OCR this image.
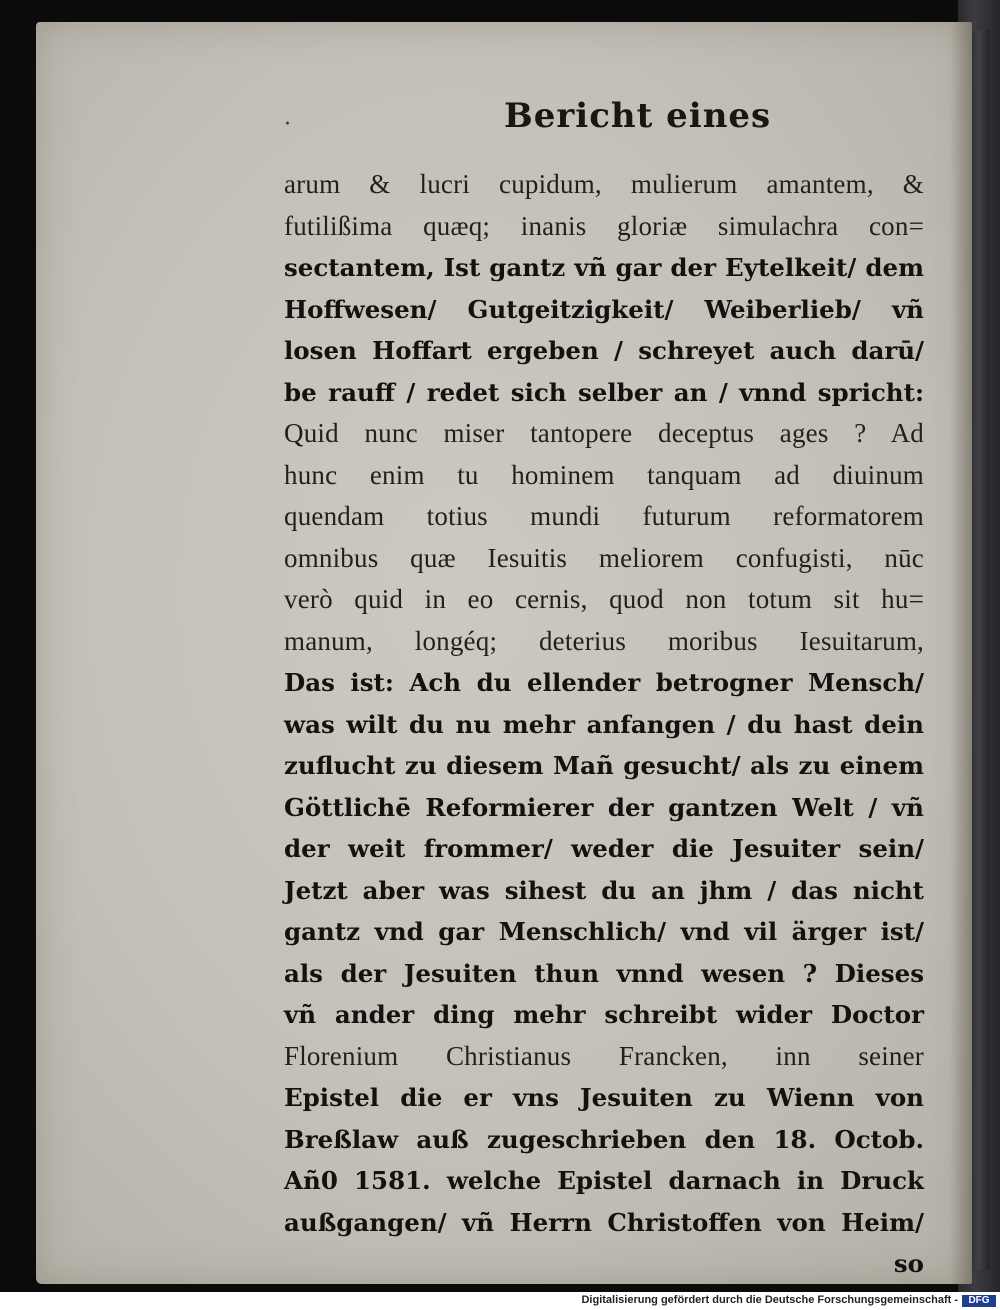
·	Bericht eines
arum & lucri cupidum, mulierum amantem, &
futilißima quæq; inanis gloriæ simulachra con=
sectantem, Ist gantz vñ gar der Eytelkeit/ dem
Hoffwesen/ Gutgeitzigkeit/ Weiberlieb/ vñ
losen Hoffart ergeben / schreyet auch darū/
be rauff / redet sich selber an / vnnd spricht:
Quid nunc miser tantopere deceptus ages ? Ad
hunc enim tu hominem tanquam ad diuinum
quendam totius mundi futurum reformatorem
omnibus quæ Iesuitis meliorem confugisti, nūc
verò quid in eo cernis, quod non totum sit hu=
manum, longéq; deterius moribus Iesuitarum,
Das ist: Ach du ellender betrogner Mensch/
was wilt du nu mehr anfangen / du hast dein
zuflucht zu diesem Mañ gesucht/ als zu einem
Göttlichē Reformierer der gantzen Welt / vñ
der weit frommer/ weder die Jesuiter sein/
Jetzt aber was sihest du an jhm / das nicht
gantz vnd gar Menschlich/ vnd vil ärger ist/
als der Jesuiten thun vnnd wesen ? Dieses
vñ ander ding mehr schreibt wider Doctor
Florenium Christianus Francken, inn seiner
Epistel die er vns Jesuiten zu Wienn von
Breßlaw auß zugeschrieben den 18. Octob.
Añ0 1581. welche Epistel darnach in Druck
außgangen/ vñ Herrn Christoffen von Heim/
so
Digitalisierung gefördert durch die Deutsche Forschungsgemeinschaft -	DFG
